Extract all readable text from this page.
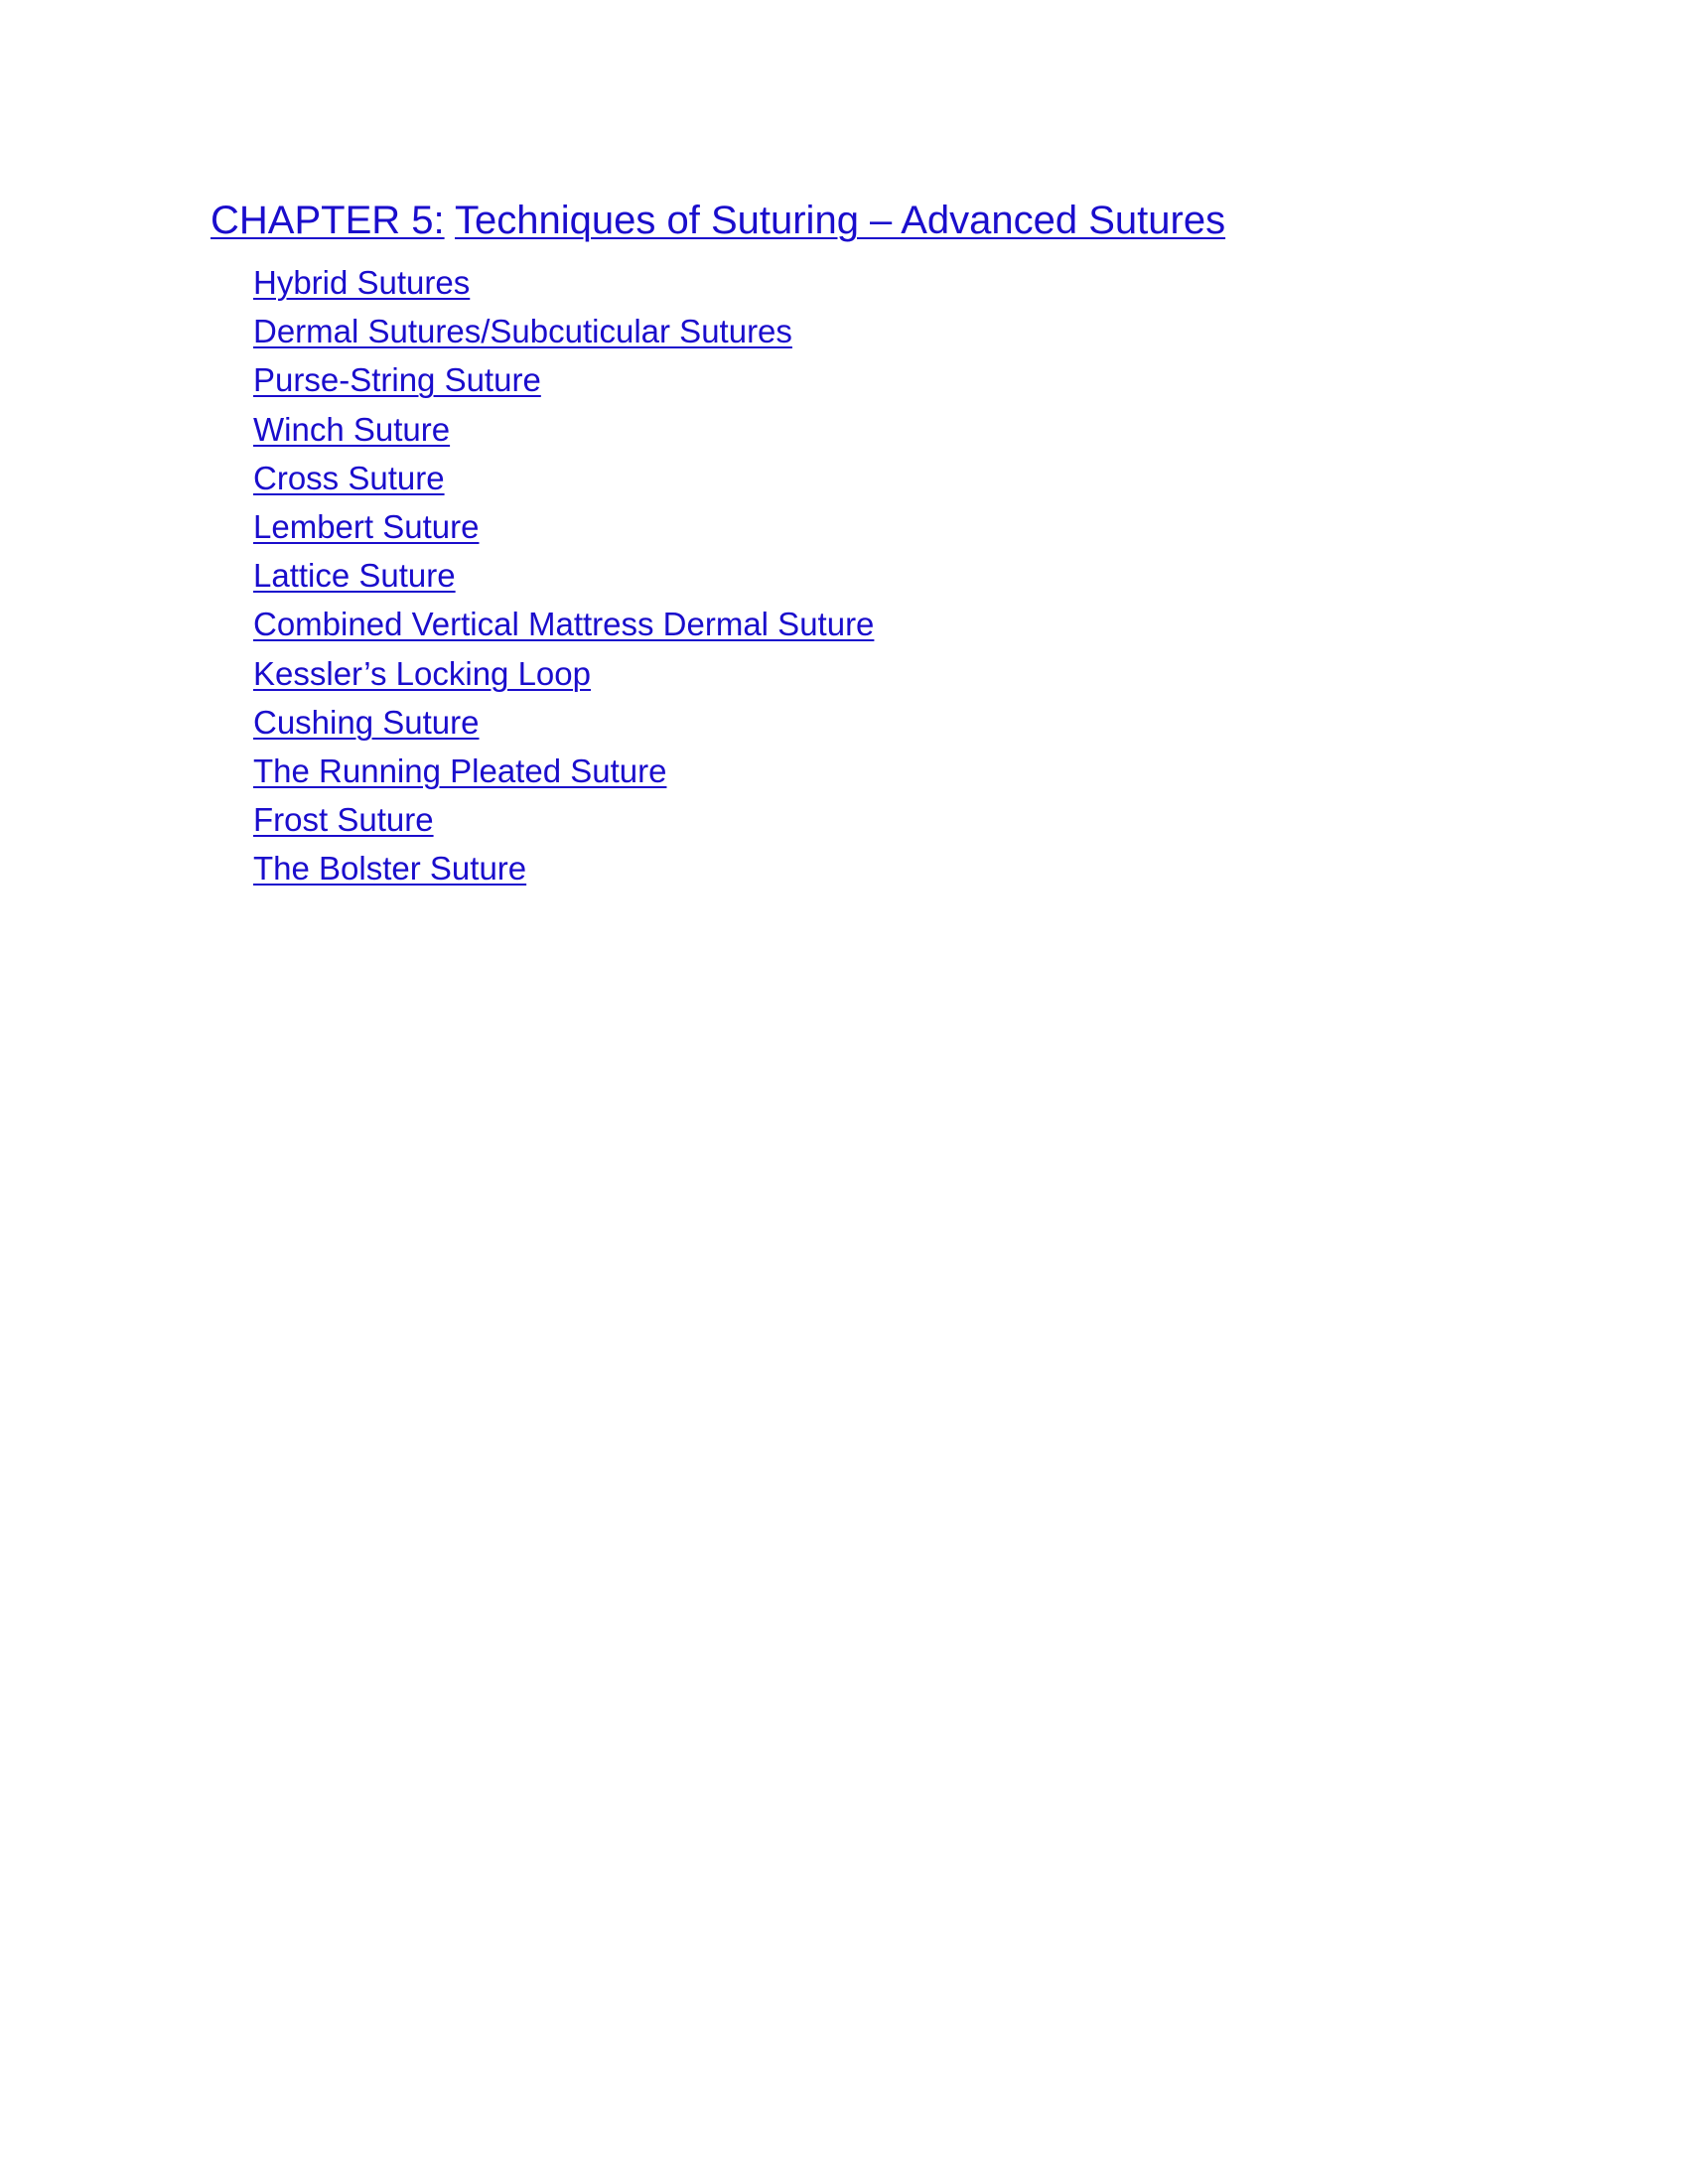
CHAPTER 5: Techniques of Suturing – Advanced Sutures
Hybrid Sutures
Dermal Sutures/Subcuticular Sutures
Purse-String Suture
Winch Suture
Cross Suture
Lembert Suture
Lattice Suture
Combined Vertical Mattress Dermal Suture
Kessler’s Locking Loop
Cushing Suture
The Running Pleated Suture
Frost Suture
The Bolster Suture
